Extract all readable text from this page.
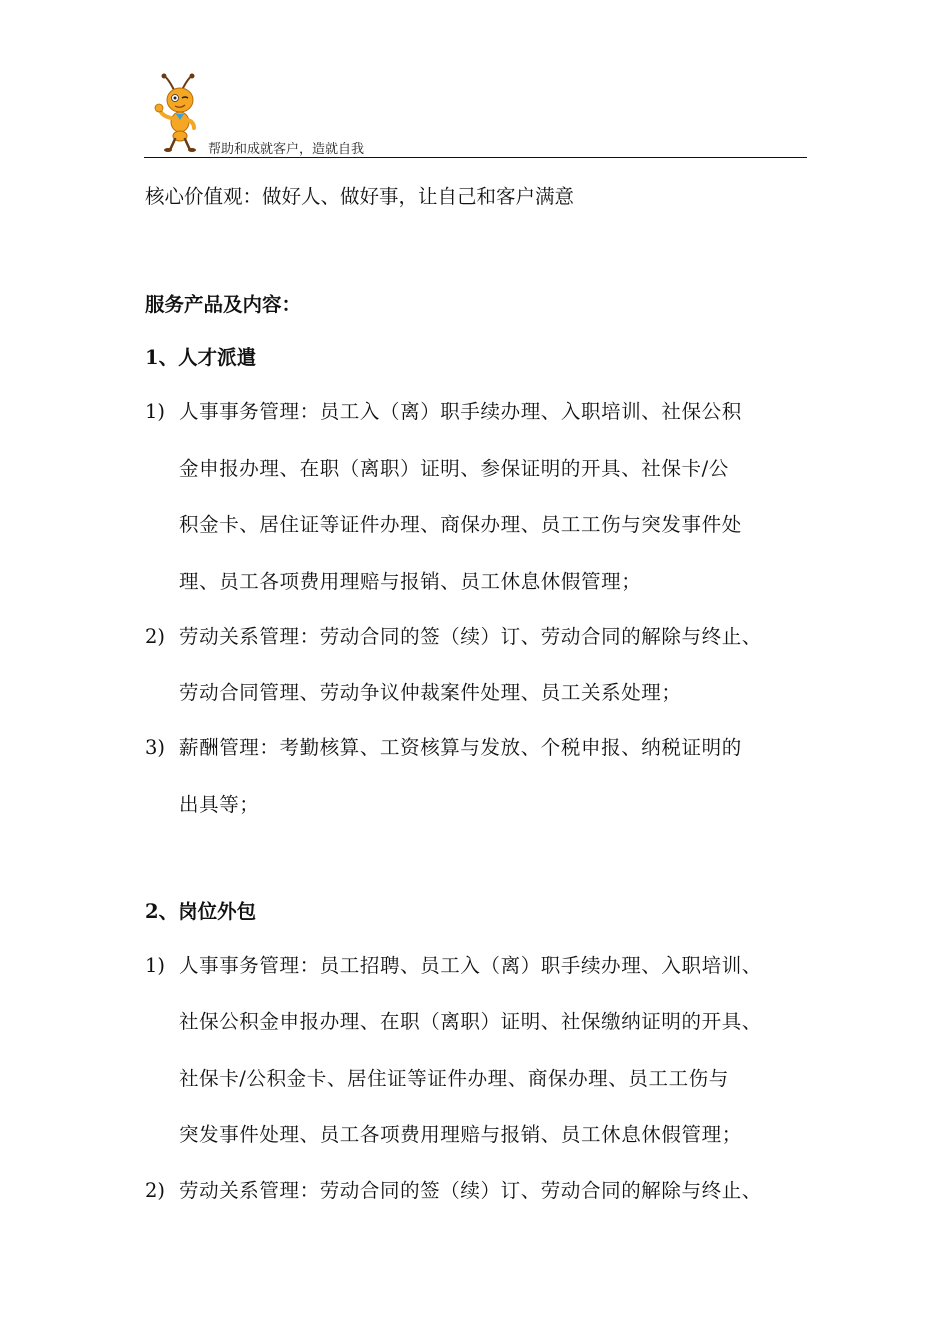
帮助和成就客户，造就自我
核心价值观：做好人、做好事，让自己和客户满意
服务产品及内容：
1、人才派遣
1) 人事事务管理：员工入（离）职手续办理、入职培训、社保公积
金申报办理、在职（离职）证明、参保证明的开具、社保卡/公
积金卡、居住证等证件办理、商保办理、员工工伤与突发事件处
理、员工各项费用理赔与报销、员工休息休假管理；
2) 劳动关系管理：劳动合同的签（续）订、劳动合同的解除与终止、
劳动合同管理、劳动争议仲裁案件处理、员工关系处理；
3) 薪酬管理：考勤核算、工资核算与发放、个税申报、纳税证明的
出具等；
2、岗位外包
1) 人事事务管理：员工招聘、员工入（离）职手续办理、入职培训、
社保公积金申报办理、在职（离职）证明、社保缴纳证明的开具、
社保卡/公积金卡、居住证等证件办理、商保办理、员工工伤与
突发事件处理、员工各项费用理赔与报销、员工休息休假管理；
2) 劳动关系管理：劳动合同的签（续）订、劳动合同的解除与终止、
